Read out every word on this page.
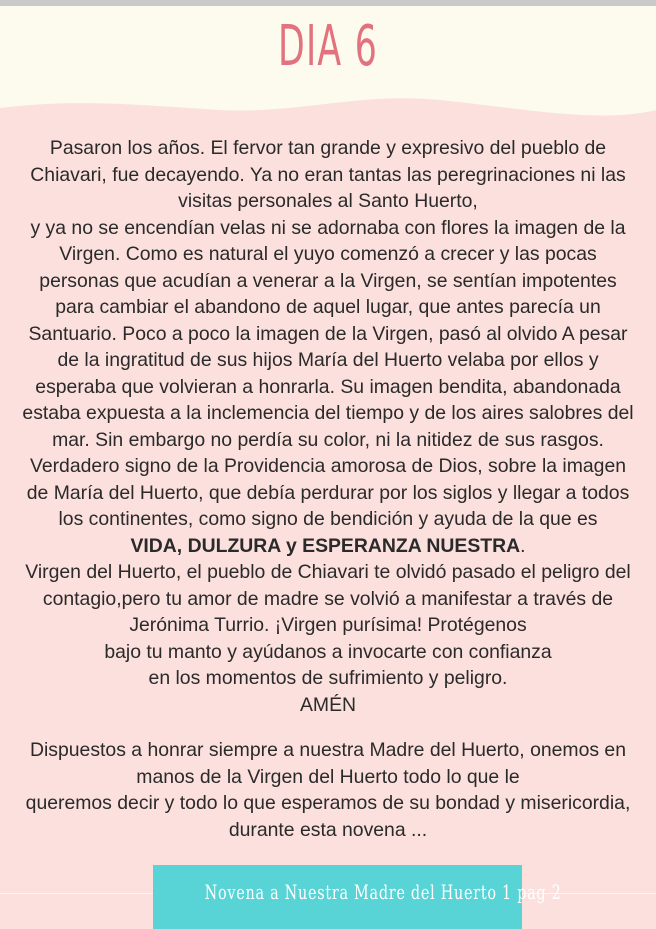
DIA 6

Pasaron los años. El fervor tan grande y expresivo del pueblo de

Chiavari, fue decayendo. Ya no eran tantas las peregrinaciones ni las

visitas personales al Santo Huerto,

y ya no se encendían velas ni se adornaba con flores la imagen de la

Virgen. Como es natural el yuyo comenzó a crecer y las pocas

personas que acudían a venerar a la Virgen, se sentían impotentes

para cambiar el abandono de aquel lugar, que antes parecía un

Santuario. Poco a poco la imagen de la Virgen, pasó al olvido A pesar

de la ingratitud de sus hijos María del Huerto velaba por ellos y

esperaba que volvieran a honrarla. Su imagen bendita, abandonada

estaba expuesta a la inclemencia del tiempo y de los aires salobres del

mar. Sin embargo no perdía su color, ni la nitidez de sus rasgos.

Verdadero signo de la Providencia amorosa de Dios, sobre la imagen

de María del Huerto, que debía perdurar por los siglos y llegar a todos

los continentes, como signo de bendición y ayuda de la que es

VIDA, DULZURA y ESPERANZA NUESTRA.

Virgen del Huerto, el pueblo de Chiavari te olvidó pasado el peligro del

contagio,pero tu amor de madre se volvió a manifestar a través de

Jerónima Turrio. ¡Virgen purísima! Protégenos

bajo tu manto y ayúdanos a invocarte con confianza

en los momentos de sufrimiento y peligro.

AMÉN

Dispuestos a honrar siempre a nuestra Madre del Huerto, onemos en

manos de la Virgen del Huerto todo lo que le

queremos decir y todo lo que esperamos de su bondad y misericordia,

durante esta novena ...

Novena a Nuestra Madre del Huerto 1 pag 2
